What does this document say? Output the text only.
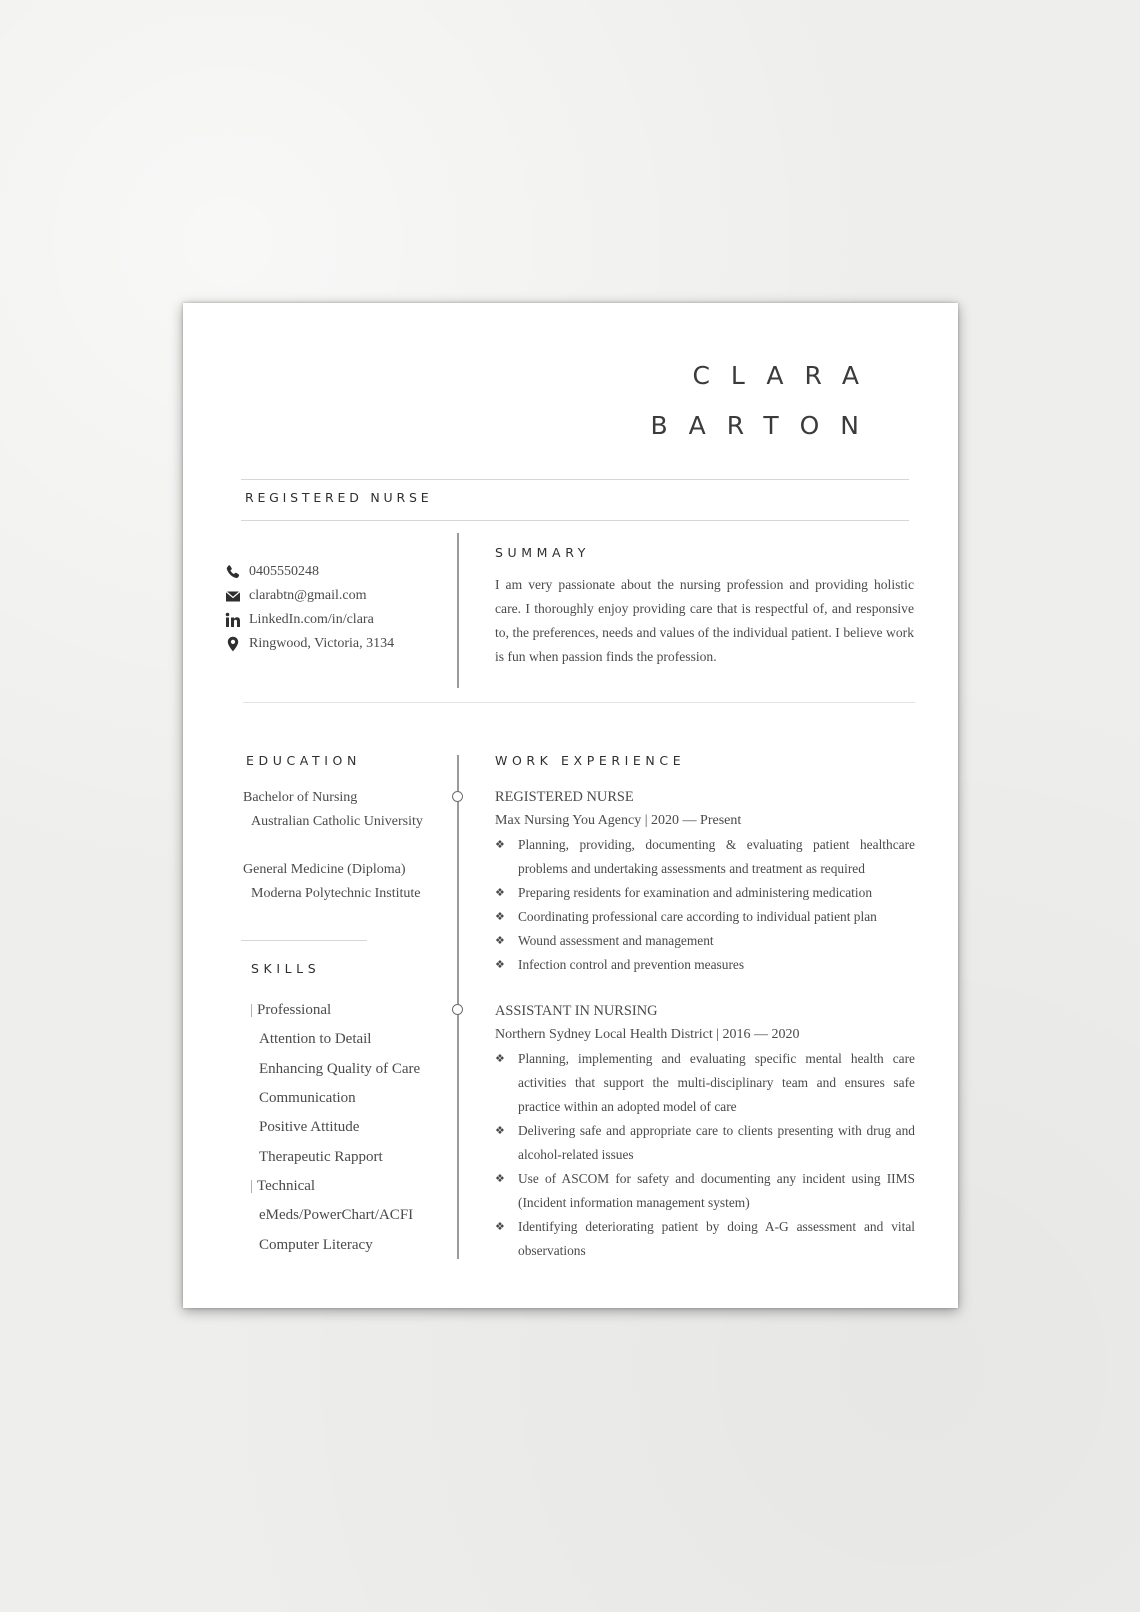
CLARA
BARTON
REGISTERED NURSE
0405550248
clarabtn@gmail.com
LinkedIn.com/in/clara
Ringwood, Victoria, 3134
SUMMARY
I am very passionate about the nursing profession and providing holistic care. I thoroughly enjoy providing care that is respectful of, and responsive to, the preferences, needs and values of the individual patient. I believe work is fun when passion finds the profession.
EDUCATION
Bachelor of Nursing
Australian Catholic University
General Medicine (Diploma)
Moderna Polytechnic Institute
SKILLS
| Professional
Attention to Detail
Enhancing Quality of Care
Communication
Positive Attitude
Therapeutic Rapport
| Technical
eMeds/PowerChart/ACFI
Computer Literacy
WORK EXPERIENCE
REGISTERED NURSE
Max Nursing You Agency | 2020 — Present
❖ Planning, providing, documenting & evaluating patient healthcare problems and undertaking assessments and treatment as required
❖ Preparing residents for examination and administering medication
❖ Coordinating professional care according to individual patient plan
❖ Wound assessment and management
❖ Infection control and prevention measures
ASSISTANT IN NURSING
Northern Sydney Local Health District | 2016 — 2020
❖ Planning, implementing and evaluating specific mental health care activities that support the multi-disciplinary team and ensures safe practice within an adopted model of care
❖ Delivering safe and appropriate care to clients presenting with drug and alcohol-related issues
❖ Use of ASCOM for safety and documenting any incident using IIMS (Incident information management system)
❖ Identifying deteriorating patient by doing A-G assessment and vital observations
